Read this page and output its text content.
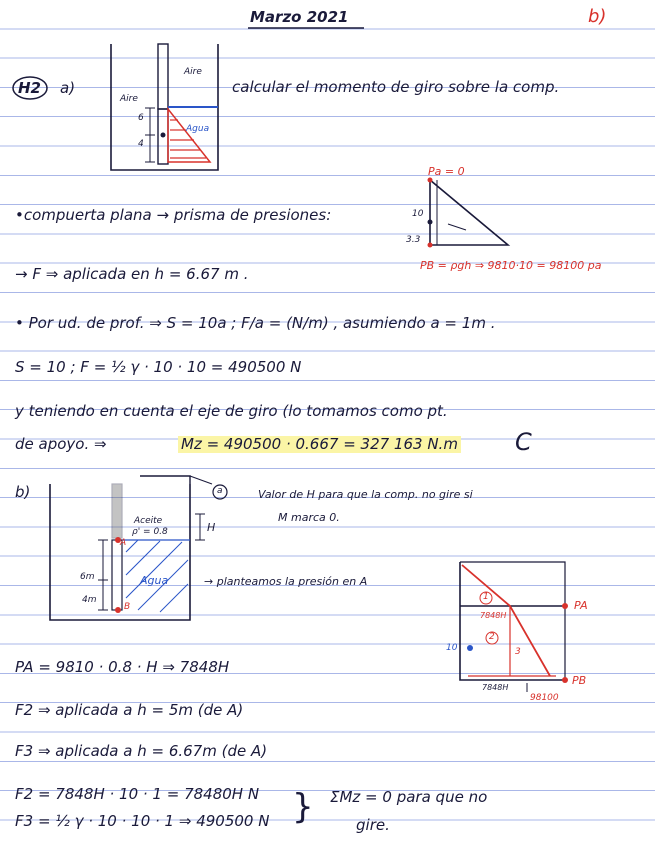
Marzo 2021	b)
H2 a)	calcular el momento de giro sobre la comp.
Aire
Aire
6
4
Agua
•compuerta plana → prisma de presiones:
Pa = 0
10
3.3
PB = ρgh ⇒ 9810·10 = 98100 pa
→ F ⇒ aplicada en h = 6.67 m .
• Por ud. de prof. ⇒ S = 10a ; F/a = (N/m) , asumiendo a = 1m .
S = 10 ; F = ½ γ · 10 · 10 = 490500 N
y teniendo en cuenta el eje de giro (lo tomamos como pt.
de apoyo. ⇒	Mz = 490500 · 0.667 = 327 163 N.m C
b)
Aceite
ρ' = 0.8	H
A
B
6m
4m
Agua
a	Valor de H para que la comp. no gire si
M marca 0.
→ planteamos la presión en A
PA
PB
7848H
7848H
98100
10
1
2
3
PA = 9810 · 0.8 · H ⇒ 7848H
F2 ⇒ aplicada a h = 5m (de A)
F3 ⇒ aplicada a h = 6.67m (de A)
F2 = 7848H · 10 · 1 = 78480H N
F3 = ½ γ · 10 · 10 · 1 ⇒ 490500 N } ΣMz = 0 para que no
gire.
